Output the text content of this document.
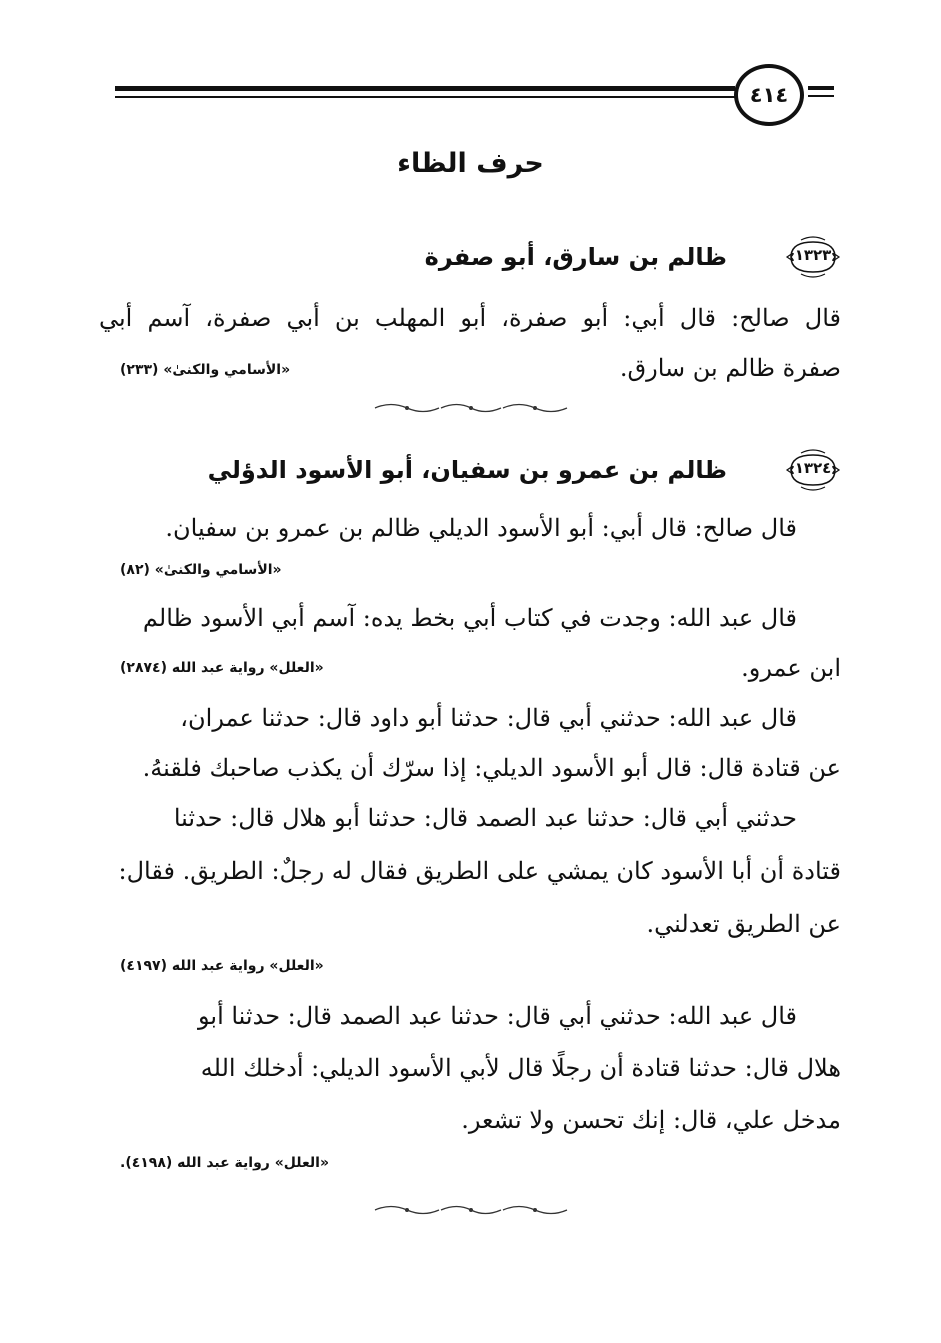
٤١٤
حرف الظاء
١٣٢٣
ظالم بن سارق، أبو صفرة
قال صالح: قال أبي: أبو صفرة، أبو المهلب بن أبي صفرة، آسم أبي
صفرة ظالم بن سارق.
«الأسامي والكنىٰ» (٢٣٣)
١٣٢٤
ظالم بن عمرو بن سفيان، أبو الأسود الدؤلي
قال صالح: قال أبي: أبو الأسود الديلي ظالم بن عمرو بن سفيان.
«الأسامي والكنىٰ» (٨٢)
قال عبد الله: وجدت في كتاب أبي بخط يده: آسم أبي الأسود ظالم
ابن عمرو.
«العلل» رواية عبد الله (٢٨٧٤)
قال عبد الله: حدثني أبي قال: حدثنا أبو داود قال: حدثنا عمران،
عن قتادة قال: قال أبو الأسود الديلي: إذا سرّك أن يكذب صاحبك فلقنهُ.
حدثني أبي قال: حدثنا عبد الصمد قال: حدثنا أبو هلال قال: حدثنا
قتادة أن أبا الأسود كان يمشي على الطريق فقال له رجلٌ: الطريق. فقال:
عن الطريق تعدلني.
«العلل» رواية عبد الله (٤١٩٧)
قال عبد الله: حدثني أبي قال: حدثنا عبد الصمد قال: حدثنا أبو
هلال قال: حدثنا قتادة أن رجلًا قال لأبي الأسود الديلي: أدخلك الله
مدخل علي، قال: إنك تحسن ولا تشعر.
«العلل» رواية عبد الله (٤١٩٨).
